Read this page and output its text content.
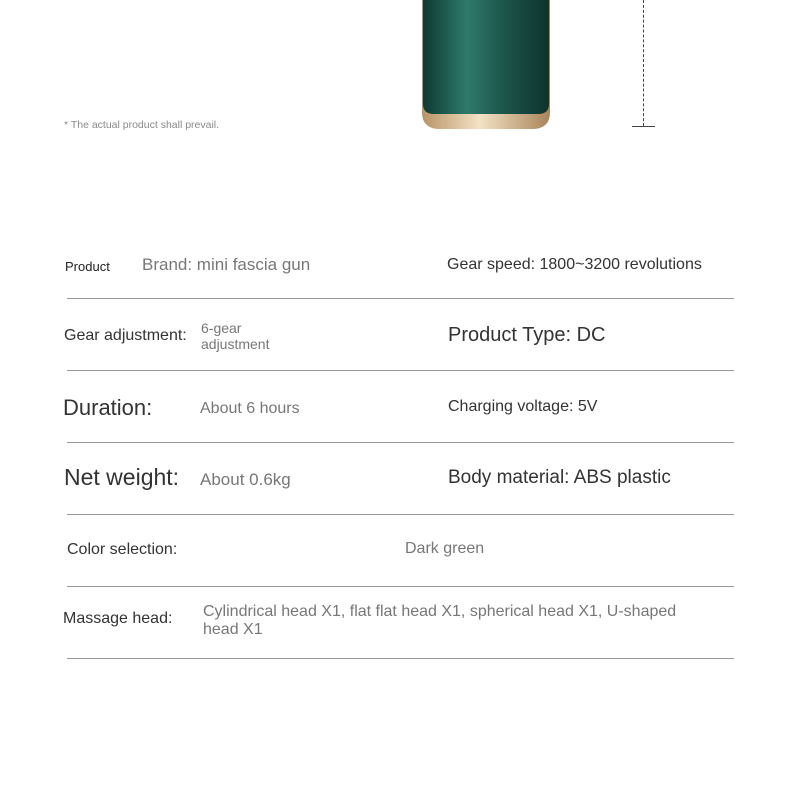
* The actual product shall prevail.
Product Brand: mini fascia gun	Gear speed: 1800~3200 revolutions
Gear adjustment: 6-gear adjustment	Product Type: DC
Duration:	About 6 hours	Charging voltage: 5V
Net weight: About 0.6kg	Body material: ABS plastic
Color selection:	Dark green
Massage head: Cylindrical head X1, flat flat head X1, spherical head X1, U-shaped head X1
